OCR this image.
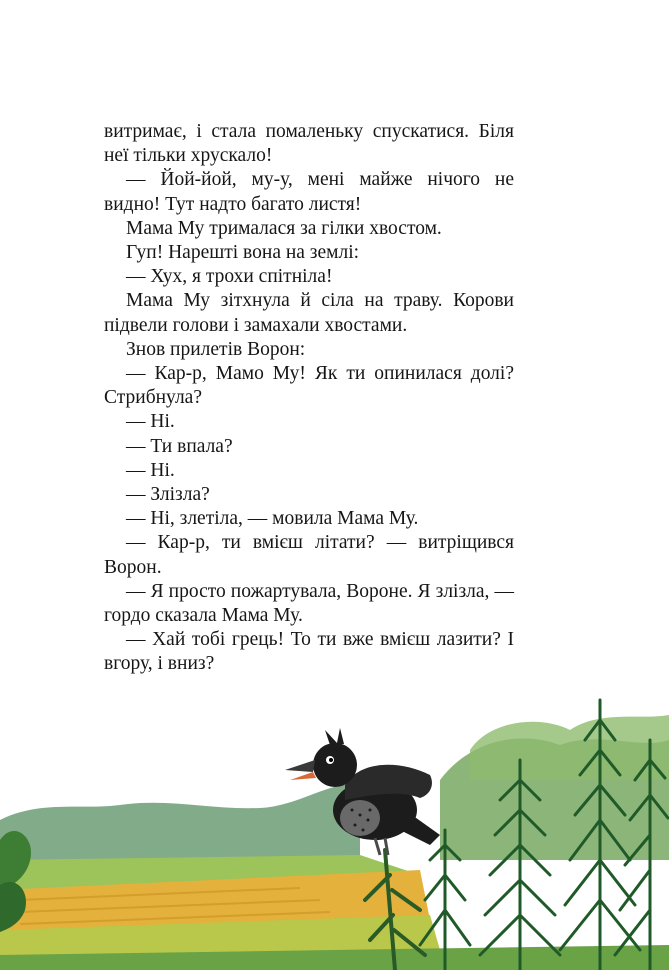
витримає, і стала помаленьку спускатися. Біля неї тільки хрускало!

— Йой-йой, му-у, мені майже нічого не видно! Тут надто багато листя!

Мама Му трималася за гілки хвостом.

Гуп! Нарешті вона на землі:

— Хух, я трохи спітніла!

Мама Му зітхнула й сіла на траву. Корови підвели голови і замахали хвостами.

Знов прилетів Ворон:

— Кар-р, Мамо Му! Як ти опинилася долі? Стрибнула?

— Ні.

— Ти впала?

— Ні.

— Злізла?

— Ні, злетіла, — мовила Мама Му.

— Кар-р, ти вмієш літати? — витріщився Ворон.

— Я просто пожартувала, Вороне. Я злізла, — гордо сказала Мама Му.

— Хай тобі грець! То ти вже вмієш лазити? І вгору, і вниз?
